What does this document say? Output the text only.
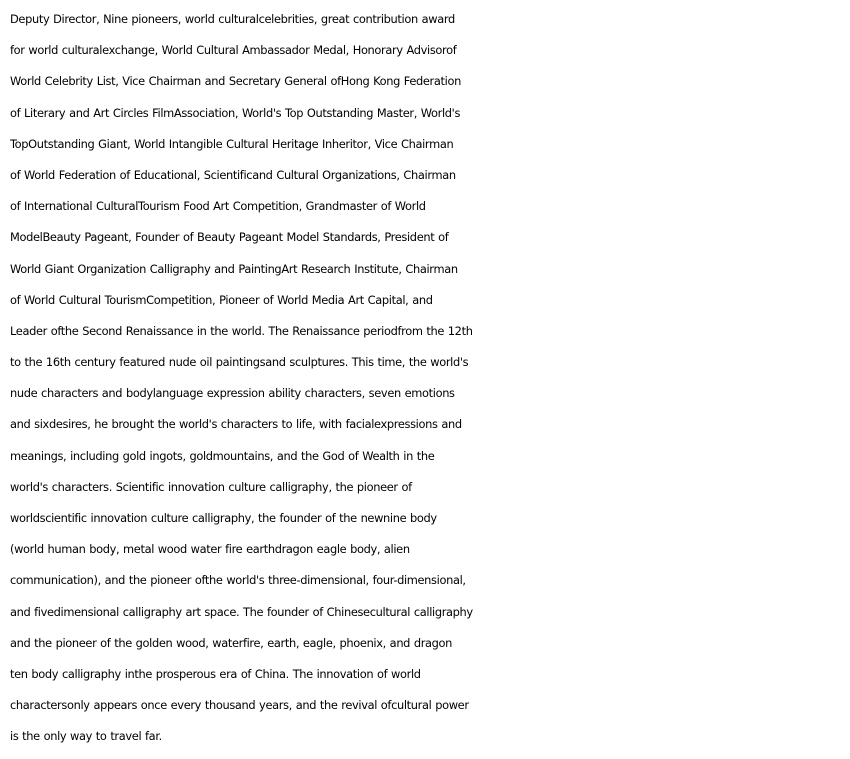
Deputy Director, Nine pioneers, world culturalcelebrities, great contribution award
for world culturalexchange, World Cultural Ambassador Medal, Honorary Advisorof
World Celebrity List, Vice Chairman and Secretary General ofHong Kong Federation
of Literary and Art Circles FilmAssociation, World's Top Outstanding Master, World's
TopOutstanding Giant, World Intangible Cultural Heritage Inheritor, Vice Chairman
of World Federation of Educational, Scientificand Cultural Organizations, Chairman
of International CulturalTourism Food Art Competition, Grandmaster of World
ModelBeauty Pageant, Founder of Beauty Pageant Model Standards, President of
World Giant Organization Calligraphy and PaintingArt Research Institute, Chairman
of World Cultural TourismCompetition, Pioneer of World Media Art Capital, and
Leader ofthe Second Renaissance in the world. The Renaissance periodfrom the 12th
to the 16th century featured nude oil paintingsand sculptures. This time, the world's
nude characters and bodylanguage expression ability characters, seven emotions
and sixdesires, he brought the world's characters to life, with facialexpressions and
meanings, including gold ingots, goldmountains, and the God of Wealth in the
world's characters. Scientific innovation culture calligraphy, the pioneer of
worldscientific innovation culture calligraphy, the founder of the newnine body
(world human body, metal wood water fire earthdragon eagle body, alien
communication), and the pioneer ofthe world's three-dimensional, four-dimensional,
and fivedimensional calligraphy art space. The founder of Chinesecultural calligraphy
and the pioneer of the golden wood, waterfire, earth, eagle, phoenix, and dragon
ten body calligraphy inthe prosperous era of China. The innovation of world
charactersonly appears once every thousand years, and the revival ofcultural power
is the only way to travel far.
